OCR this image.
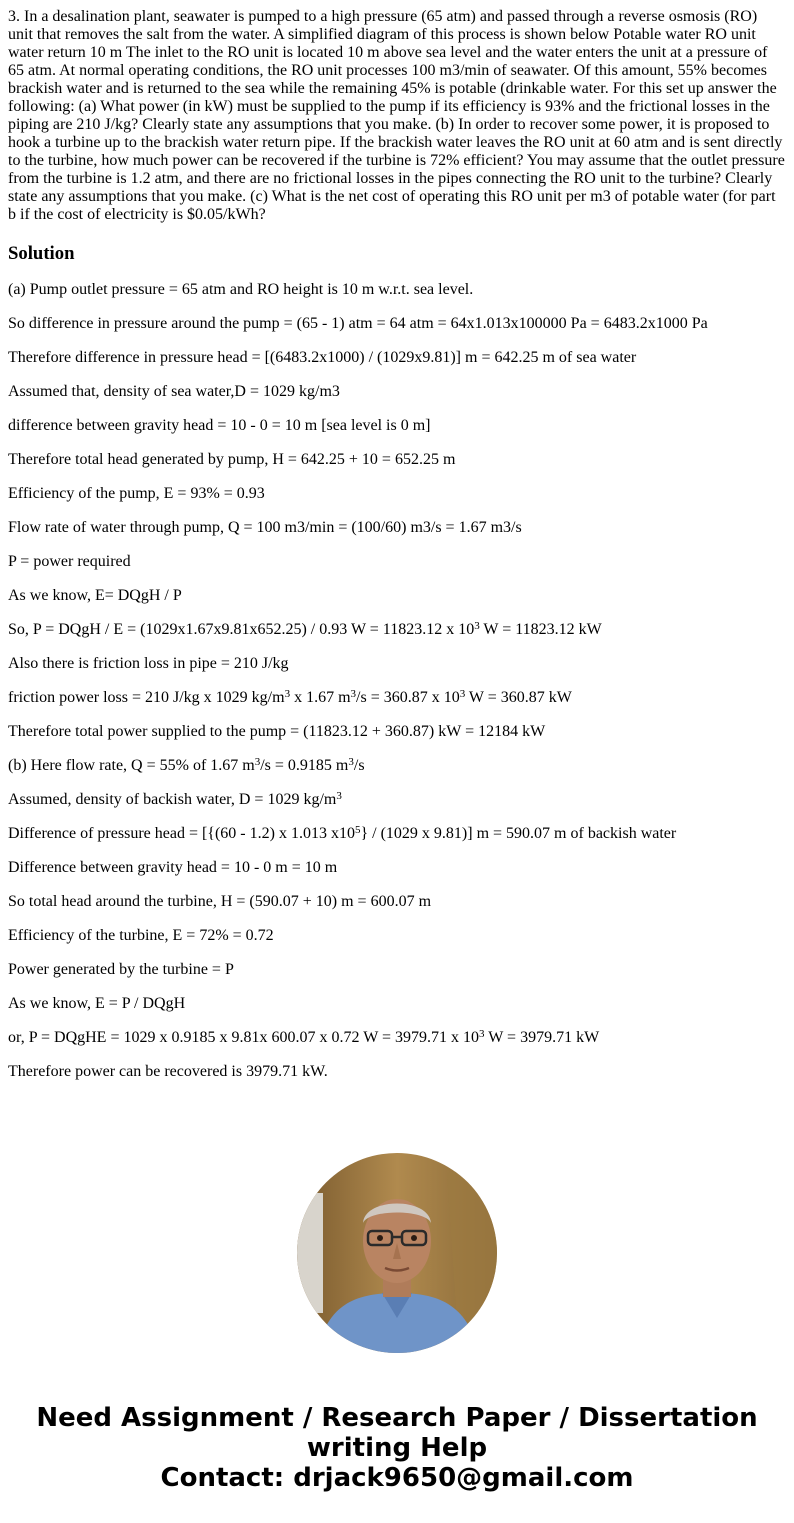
3. In a desalination plant, seawater is pumped to a high pressure (65 atm) and passed through a reverse osmosis (RO) unit that removes the salt from the water. A simplified diagram of this process is shown below Potable water RO unit water return 10 m The inlet to the RO unit is located 10 m above sea level and the water enters the unit at a pressure of 65 atm. At normal operating conditions, the RO unit processes 100 m3/min of seawater. Of this amount, 55% becomes brackish water and is returned to the sea while the remaining 45% is potable (drinkable water. For this set up answer the following: (a) What power (in kW) must be supplied to the pump if its efficiency is 93% and the frictional losses in the piping are 210 J/kg? Clearly state any assumptions that you make. (b) In order to recover some power, it is proposed to hook a turbine up to the brackish water return pipe. If the brackish water leaves the RO unit at 60 atm and is sent directly to the turbine, how much power can be recovered if the turbine is 72% efficient? You may assume that the outlet pressure from the turbine is 1.2 atm, and there are no frictional losses in the pipes connecting the RO unit to the turbine? Clearly state any assumptions that you make. (c) What is the net cost of operating this RO unit per m3 of potable water (for part b if the cost of electricity is $0.05/kWh?

Solution

(a) Pump outlet pressure = 65 atm and RO height is 10 m w.r.t. sea level.

So difference in pressure around the pump = (65 - 1) atm = 64 atm = 64x1.013x100000 Pa = 6483.2x1000 Pa

Therefore difference in pressure head = [(6483.2x1000) / (1029x9.81)] m = 642.25 m of sea water

Assumed that, density of sea water,D = 1029 kg/m3

difference between gravity head = 10 - 0 = 10 m [sea level is 0 m]

Therefore total head generated by pump, H = 642.25 + 10 = 652.25 m

Efficiency of the pump, E = 93% = 0.93

Flow rate of water through pump, Q = 100 m3/min = (100/60) m3/s = 1.67 m3/s

P = power required

As we know, E= DQgH / P

So, P = DQgH / E = (1029x1.67x9.81x652.25) / 0.93 W = 11823.12 x $10^3$ W = 11823.12 kW

Also there is friction loss in pipe = 210 J/kg

friction power loss = 210 J/kg x 1029 $kg/m^3$ x 1.67 $m^3/s = 360.87$ x $10^3$ W = 360.87 kW

Therefore total power supplied to the pump = (11823.12 + 360.87) kW = 12184 kW

(b) Here flow rate, Q = 55% of 1.67 $m^3/s = 0.9185$ $m^3/s$

Assumed, density of backish water, D = 1029 $kg/m^3$

Difference of pressure head = [{(60 - 1.2) x 1.013 $x10^5\} / (1029$ x 9.81)] m = 590.07 m of backish water

Difference between gravity head = 10 - 0 m = 10 m

So total head around the turbine, H = (590.07 + 10) m = 600.07 m

Efficiency of the turbine, E = 72% = 0.72

Power generated by the turbine = P

As we know, E = P / DQgH

or, P = DQgHE = 1029 x 0.9185 x 9.81x 600.07 x 0.72 W = 3979.71 x $10^3$ W = 3979.71 kW

Therefore power can be recovered is 3979.71 kW.

Need Assignment / Research Paper / Dissertation
writing Help
Contact: drjack9650@gmail.com
